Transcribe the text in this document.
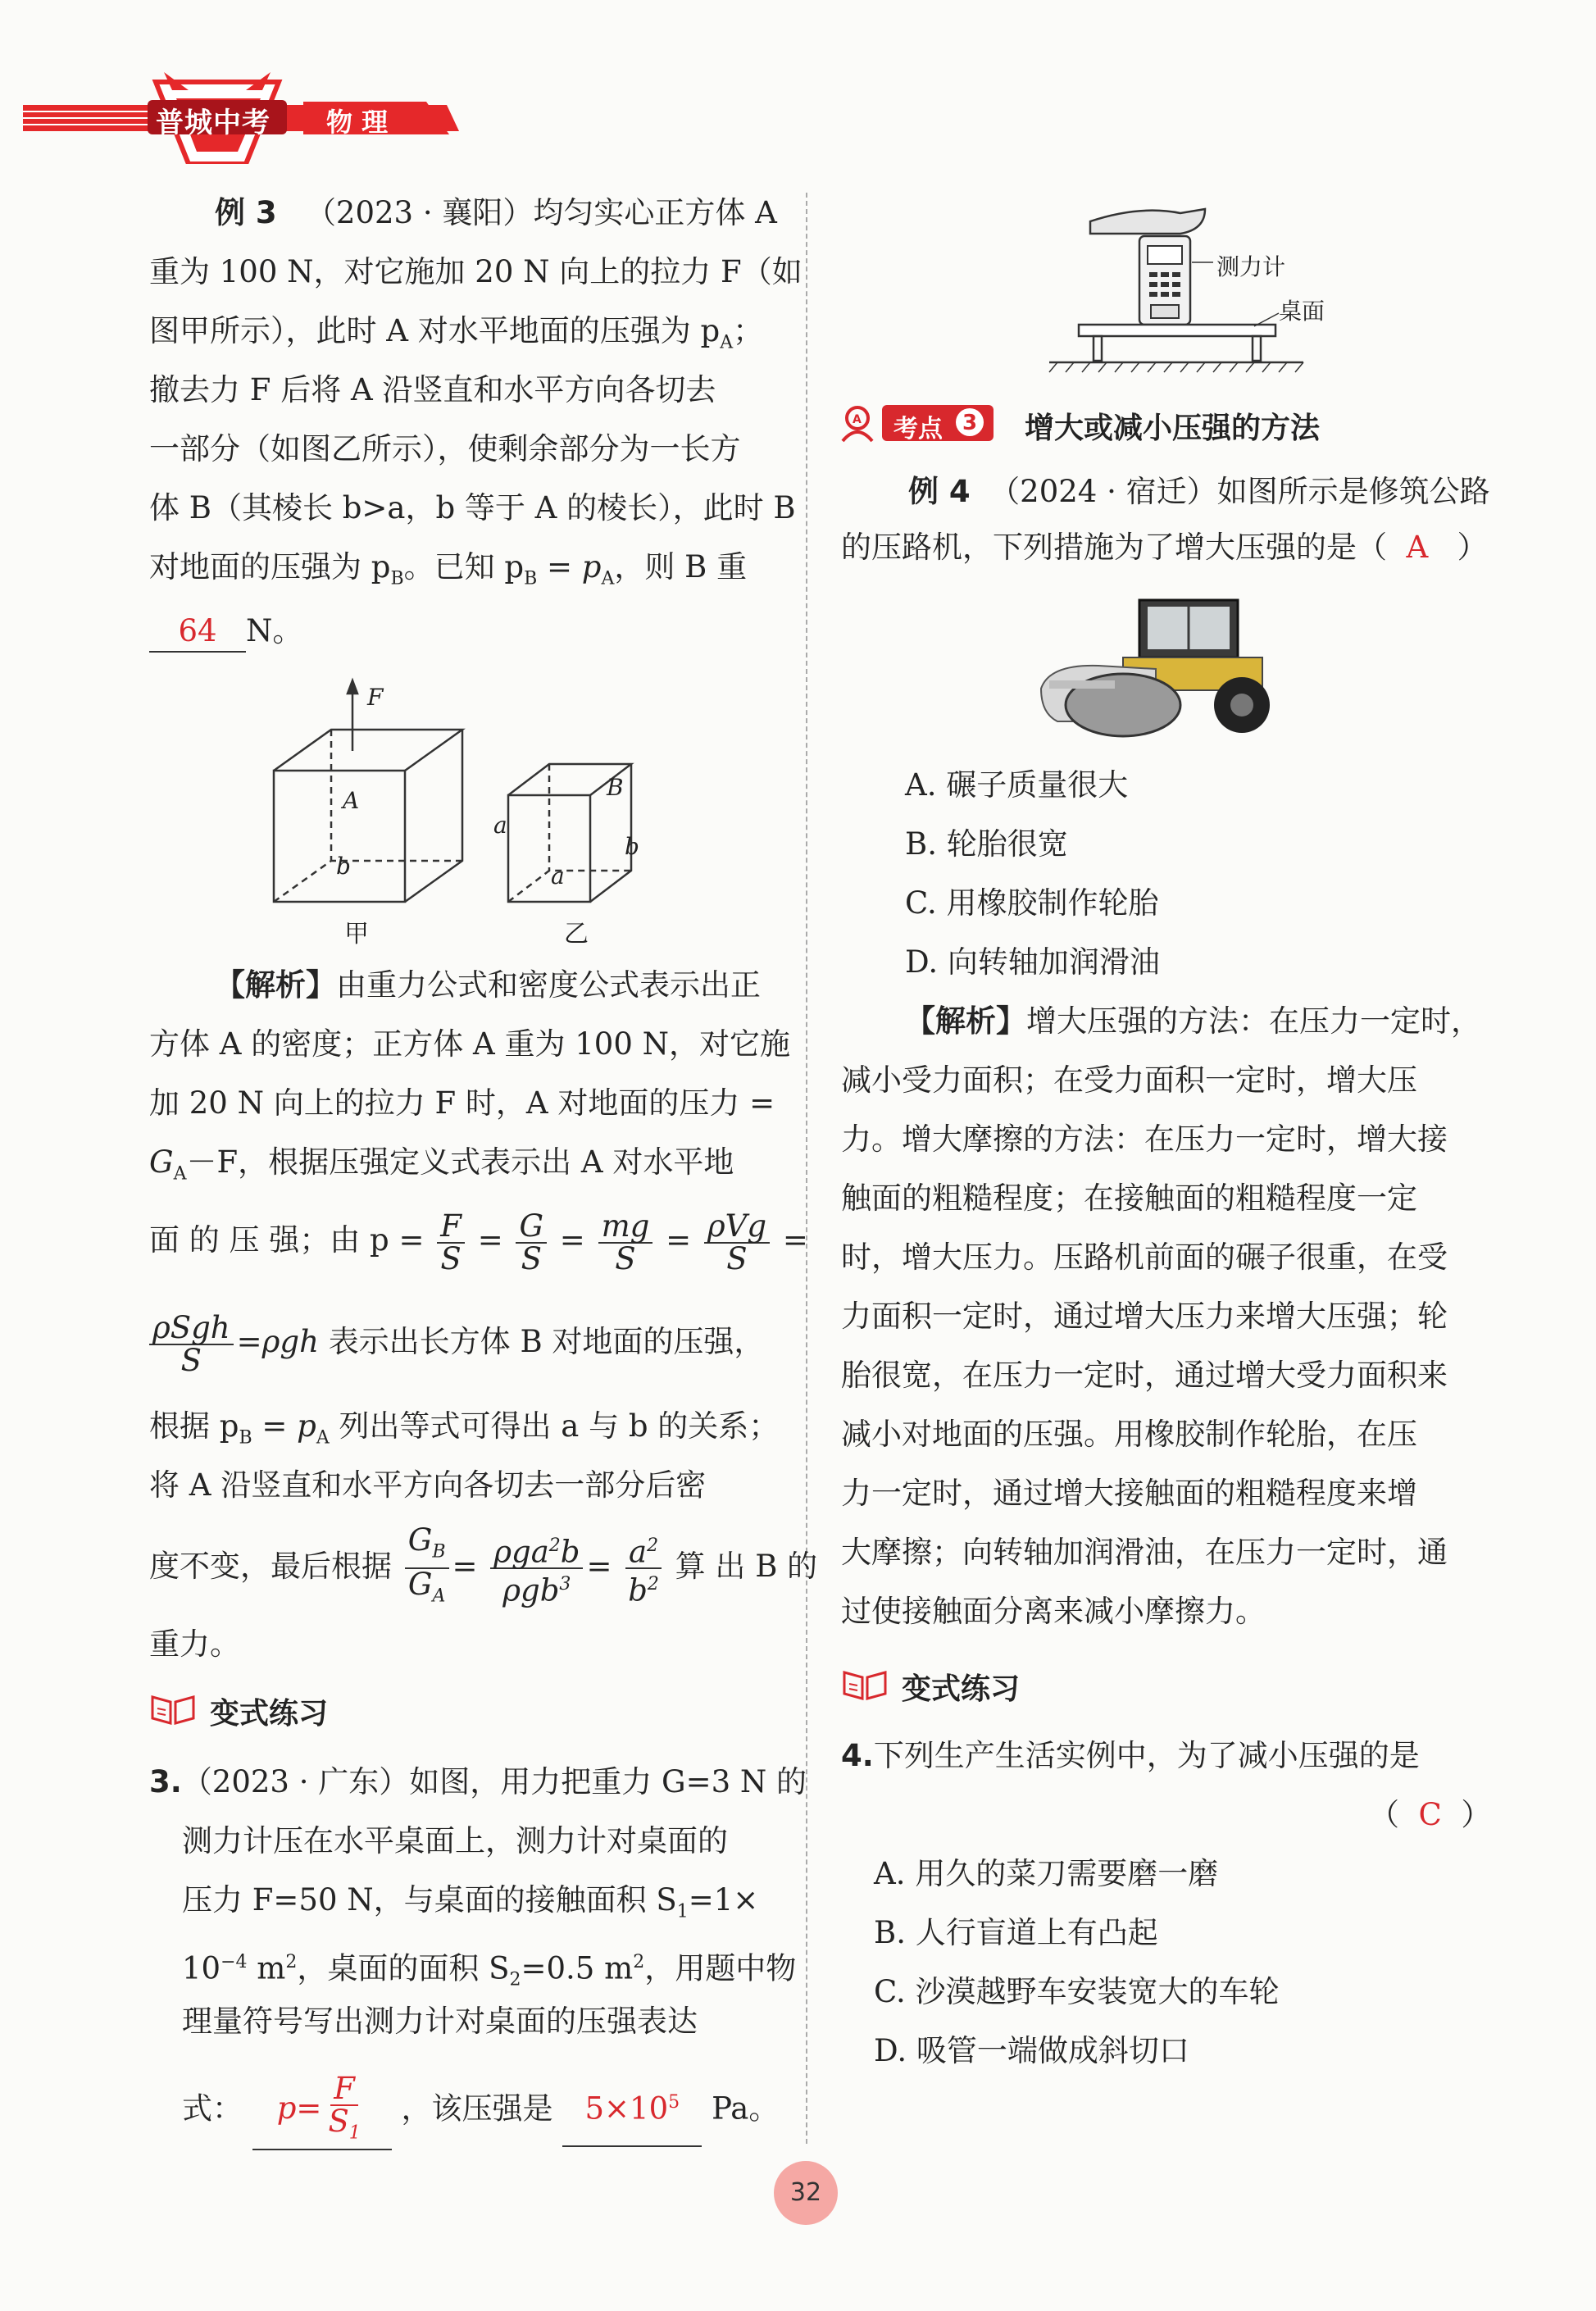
普城中考 物 理
例 3 （2023 · 襄阳）均匀实心正方体 A
重为 100 N，对它施加 20 N 向上的拉力 F（如
图甲所示），此时 A 对水平地面的压强为 $p_A$；
撤去力 F 后将 A 沿竖直和水平方向各切去
一部分（如图乙所示），使剩余部分为一长方
体 B（其棱长 b>a，b 等于 A 的棱长），此时 B
对地面的压强为 $p_B$。已知 $p_B = p_A$，则 B 重
64 N。
F
A
b
B
a
b
a
甲	乙
【解析】由重力公式和密度公式表示出正
方体 A 的密度；正方体 A 重为 100 N，对它施
加 20 N 向上的拉力 F 时，A 对地面的压力 =
$G_A-F$，根据压强定义式表示出 A 对水平地
面 的 压 强；由 $p = \frac{F}{S} = \frac{G}{S} = \frac{mg}{S} = \frac{\text{ρVg}}{S}$ =
$\frac{\text{ρSgh}}{S} =\rho gh$ 表示出长方体 B 对地面的压强，
根据 $p_B = p_A$ 列出等式可得出 a 与 b 的关系；
将 A 沿竖直和水平方向各切去一部分后密
度不变，最后根据 $\frac{G_B}{G_A} = \frac{\rho ga^2b}{\rho gb^3} = \frac{a^2}{b^2}$ 算 出 B 的
重力。
变式练习
3.（2023 · 广东）如图，用力把重力 G=3 N 的
测力计压在水平桌面上，测力计对桌面的
压力 F=50 N，与桌面的接触面积 $S_1=1\times$
$10^{-4}$ $m^2$，桌面的面积 $S_2=0.5$ $m^2$，用题中物
理量符号写出测力计对桌面的压强表达
式： $p= \frac{F}{S_1}$ ，该压强是 $5\times 10^5$ Pa。
测力计
桌面
A 考点 3 增大或减小压强的方法
例 4 （2024 · 宿迁）如图所示是修筑公路
的压路机，下列措施为了增大压强的是（ A ）
A. 碾子质量很大
B. 轮胎很宽
C. 用橡胶制作轮胎
D. 向转轴加润滑油
【解析】增大压强的方法：在压力一定时，
减小受力面积；在受力面积一定时，增大压
力。增大摩擦的方法：在压力一定时，增大接
触面的粗糙程度；在接触面的粗糙程度一定
时，增大压力。压路机前面的碾子很重，在受
力面积一定时，通过增大压力来增大压强；轮
胎很宽，在压力一定时，通过增大受力面积来
减小对地面的压强。用橡胶制作轮胎，在压
力一定时，通过增大接触面的粗糙程度来增
大摩擦；向转轴加润滑油，在压力一定时，通
过使接触面分离来减小摩擦力。
变式练习
4.下列生产生活实例中，为了减小压强的是
（ C ）
A. 用久的菜刀需要磨一磨
B. 人行盲道上有凸起
C. 沙漠越野车安装宽大的车轮
D. 吸管一端做成斜切口
32
